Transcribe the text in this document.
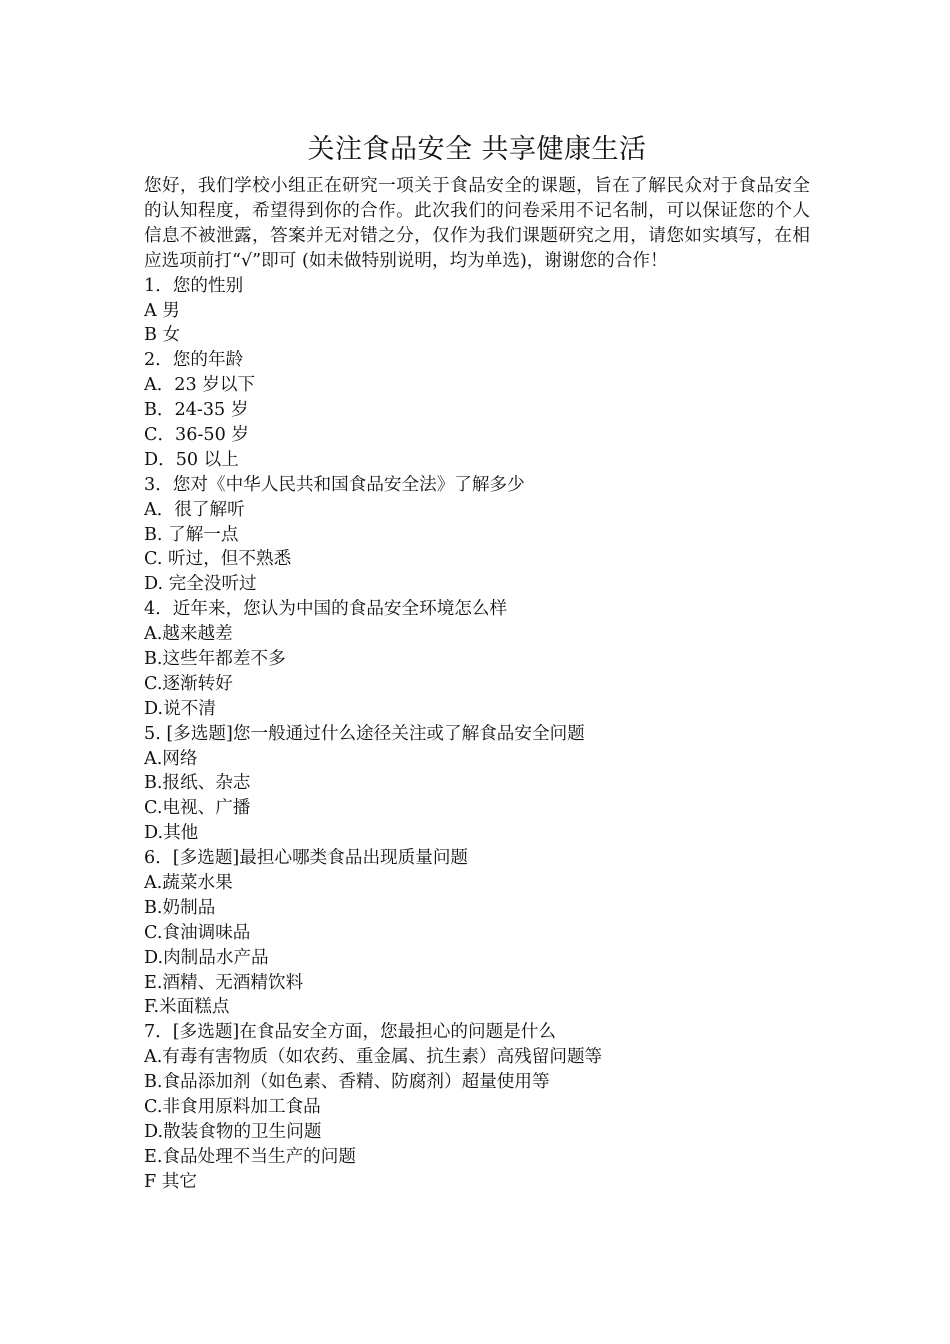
关注食品安全 共享健康生活

您好，我们学校小组正在研究一项关于食品安全的课题，旨在了解民众对于食品安全的认知程度，希望得到你的合作。此次我们的问卷采用不记名制，可以保证您的个人信息不被泄露，答案并无对错之分，仅作为我们课题研究之用，请您如实填写，在相应选项前打“√”即可 (如未做特别说明，均为单选)，谢谢您的合作！

1．您的性别
A 男
B 女
2．您的年龄
A．23 岁以下
B．24-35 岁
C．36-50 岁
D．50 以上
3．您对《中华人民共和国食品安全法》了解多少
A．很了解听
B. 了解一点
C. 听过，但不熟悉
D. 完全没听过
4．近年来，您认为中国的食品安全环境怎么样
A.越来越差
B.这些年都差不多
C.逐渐转好
D.说不清
5. [多选题]您一般通过什么途径关注或了解食品安全问题
A.网络
B.报纸、杂志
C.电视、广播
D.其他
6．[多选题]最担心哪类食品出现质量问题
A.蔬菜水果
B.奶制品
C.食油调味品
D.肉制品水产品
E.酒精、无酒精饮料
F.米面糕点
7．[多选题]在食品安全方面，您最担心的问题是什么
A.有毒有害物质（如农药、重金属、抗生素）高残留问题等
B.食品添加剂（如色素、香精、防腐剂）超量使用等
C.非食用原料加工食品
D.散装食物的卫生问题
E.食品处理不当生产的问题
F 其它
